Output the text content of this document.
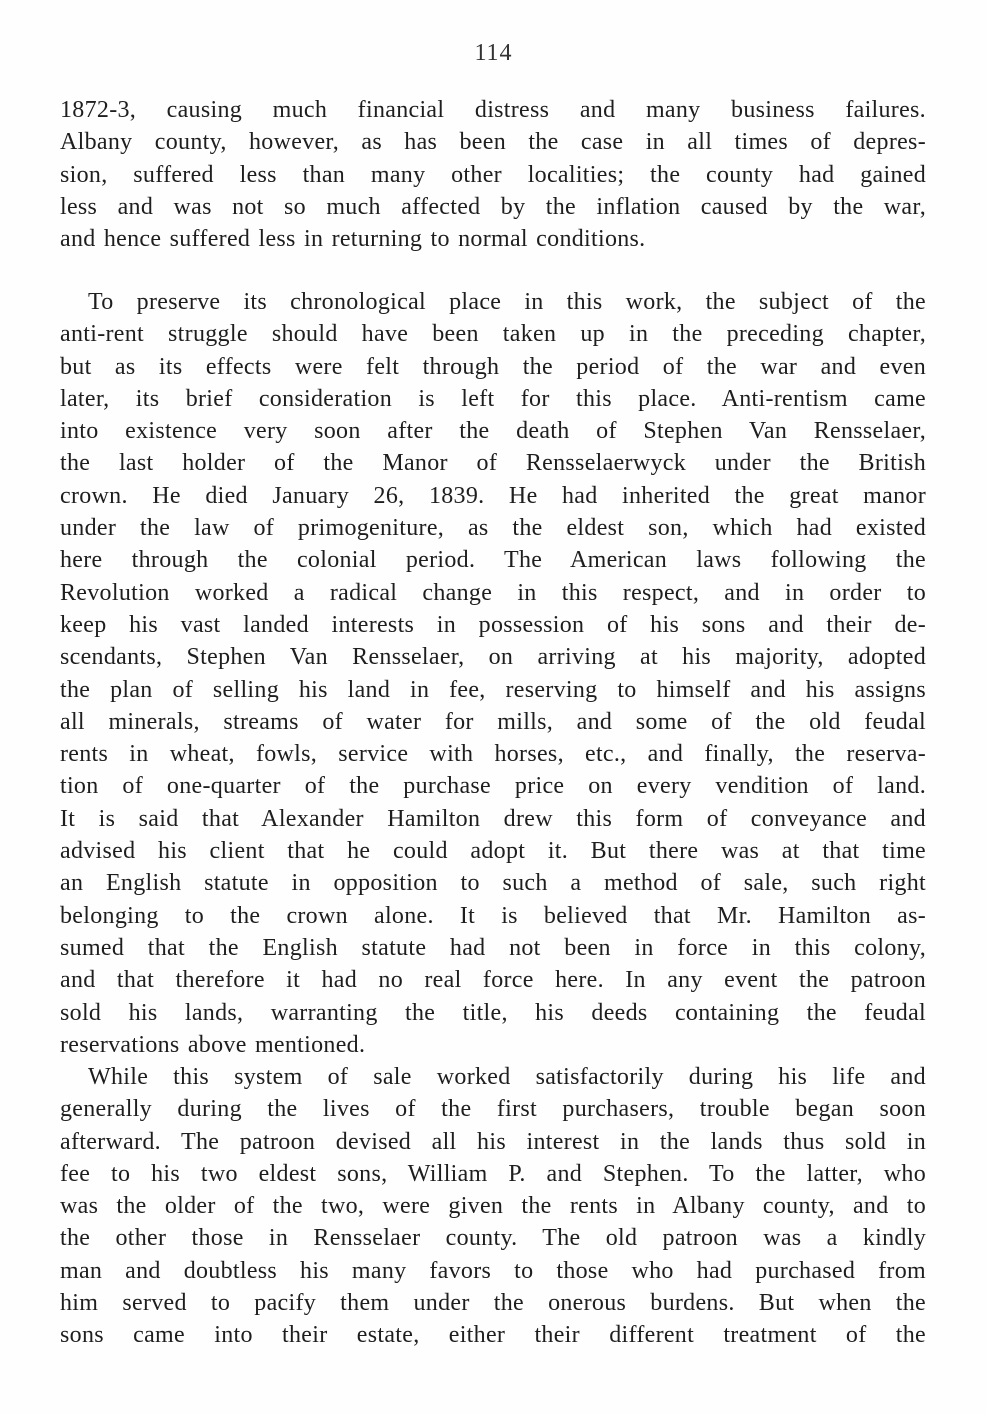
114
1872-3, causing much financial distress and many business failures.
Albany county, however, as has been the case in all times of depres-
sion, suffered less than many other localities; the county had gained
less and was not so much affected by the inflation caused by the war,
and hence suffered less in returning to normal conditions.
To preserve its chronological place in this work, the subject of the
anti-rent struggle should have been taken up in the preceding chapter,
but as its effects were felt through the period of the war and even
later, its brief consideration is left for this place. Anti-rentism came
into existence very soon after the death of Stephen Van Rensselaer,
the last holder of the Manor of Rensselaerwyck under the British
crown. He died January 26, 1839. He had inherited the great manor
under the law of primogeniture, as the eldest son, which had existed
here through the colonial period. The American laws following the
Revolution worked a radical change in this respect, and in order to
keep his vast landed interests in possession of his sons and their de-
scendants, Stephen Van Rensselaer, on arriving at his majority, adopted
the plan of selling his land in fee, reserving to himself and his assigns
all minerals, streams of water for mills, and some of the old feudal
rents in wheat, fowls, service with horses, etc., and finally, the reserva-
tion of one-quarter of the purchase price on every vendition of land.
It is said that Alexander Hamilton drew this form of conveyance and
advised his client that he could adopt it. But there was at that time
an English statute in opposition to such a method of sale, such right
belonging to the crown alone. It is believed that Mr. Hamilton as-
sumed that the English statute had not been in force in this colony,
and that therefore it had no real force here. In any event the patroon
sold his lands, warranting the title, his deeds containing the feudal
reservations above mentioned.
While this system of sale worked satisfactorily during his life and
generally during the lives of the first purchasers, trouble began soon
afterward. The patroon devised all his interest in the lands thus sold in
fee to his two eldest sons, William P. and Stephen. To the latter, who
was the older of the two, were given the rents in Albany county, and to
the other those in Rensselaer county. The old patroon was a kindly
man and doubtless his many favors to those who had purchased from
him served to pacify them under the onerous burdens. But when the
sons came into their estate, either their different treatment of the
